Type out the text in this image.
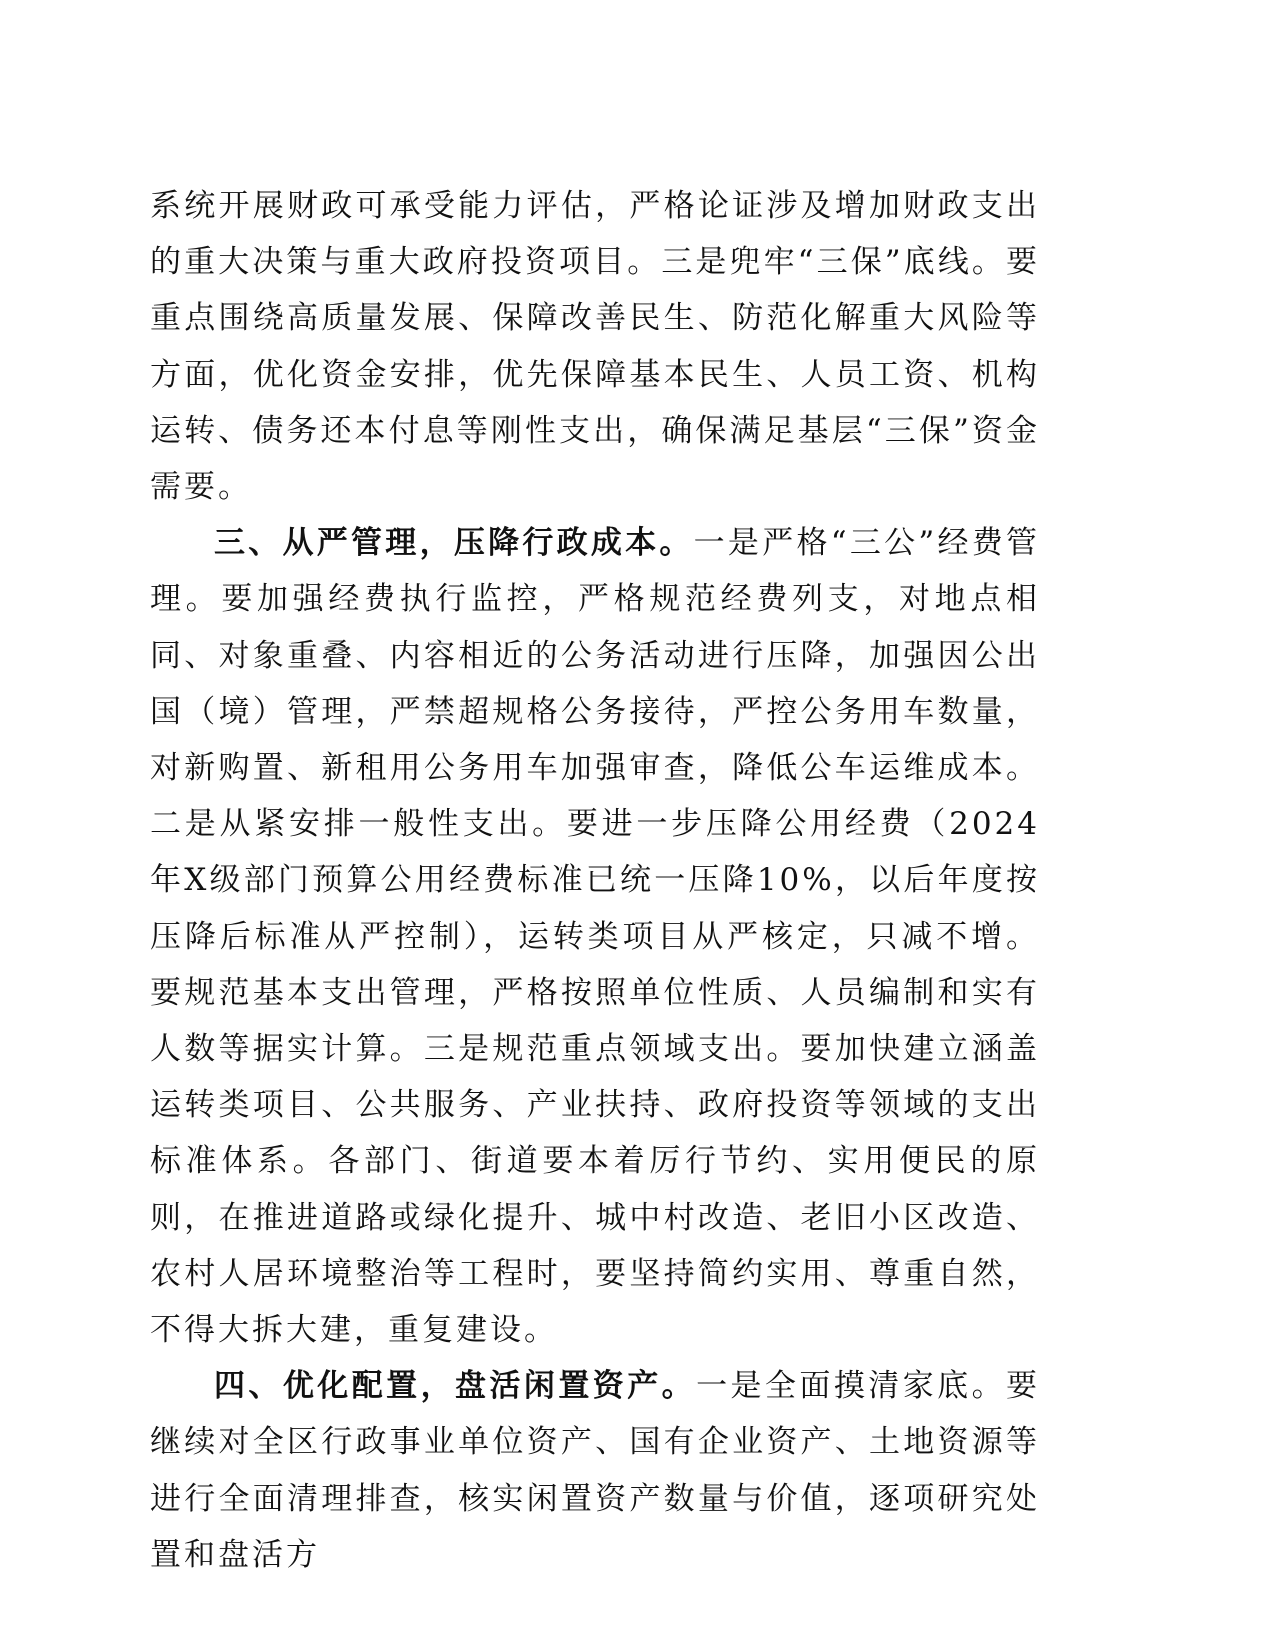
系统开展财政可承受能力评估，严格论证涉及增加财政支出的重大决策与重大政府投资项目。三是兜牢“三保”底线。要重点围绕高质量发展、保障改善民生、防范化解重大风险等方面，优化资金安排，优先保障基本民生、人员工资、机构运转、债务还本付息等刚性支出，确保满足基层“三保”资金需要。

三、从严管理，压降行政成本。一是严格“三公”经费管理。要加强经费执行监控，严格规范经费列支，对地点相同、对象重叠、内容相近的公务活动进行压降，加强因公出国（境）管理，严禁超规格公务接待，严控公务用车数量，对新购置、新租用公务用车加强审查，降低公车运维成本。二是从紧安排一般性支出。要进一步压降公用经费（2024年X级部门预算公用经费标准已统一压降10%，以后年度按压降后标准从严控制），运转类项目从严核定，只减不增。要规范基本支出管理，严格按照单位性质、人员编制和实有人数等据实计算。三是规范重点领域支出。要加快建立涵盖运转类项目、公共服务、产业扶持、政府投资等领域的支出标准体系。各部门、街道要本着厉行节约、实用便民的原则，在推进道路或绿化提升、城中村改造、老旧小区改造、农村人居环境整治等工程时，要坚持简约实用、尊重自然，不得大拆大建，重复建设。

四、优化配置，盘活闲置资产。一是全面摸清家底。要继续对全区行政事业单位资产、国有企业资产、土地资源等进行全面清理排查，核实闲置资产数量与价值，逐项研究处置和盘活方
